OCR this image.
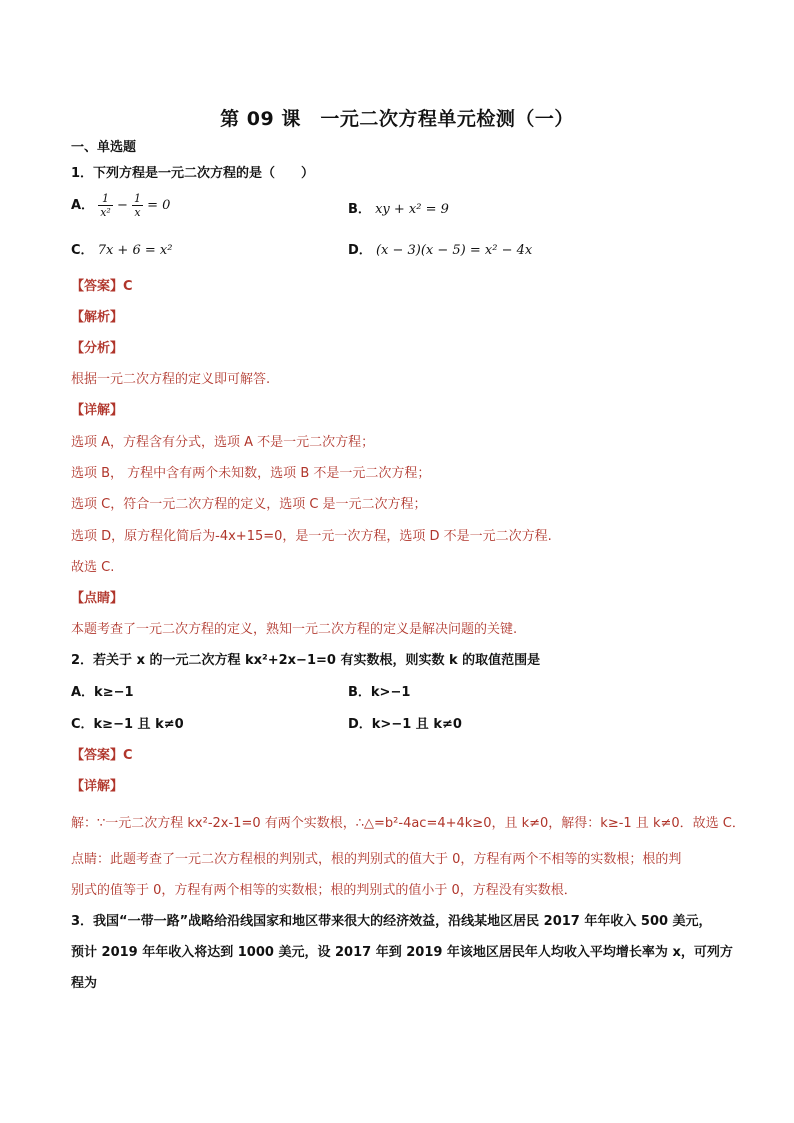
第 09 课　一元二次方程单元检测（一）
一、单选题
1．下列方程是一元二次方程的是（　　）
A． $\frac{1}{\text{x²}} - \frac{1}{x} = 0$	B． xy + x² = 9
C． 7x + 6 = x²	D． (x − 3)(x − 5) = x² − 4x
【答案】C
【解析】
【分析】
根据一元二次方程的定义即可解答.
【详解】
选项 A，方程含有分式，选项 A 不是一元二次方程；
选项 B， 方程中含有两个未知数，选项 B 不是一元二次方程；
选项 C，符合一元二次方程的定义，选项 C 是一元二次方程；
选项 D，原方程化简后为-4x+15=0，是一元一次方程，选项 D 不是一元二次方程.
故选 C.
【点睛】
本题考查了一元二次方程的定义，熟知一元二次方程的定义是解决问题的关键.
2．若关于 x 的一元二次方程 kx²+2x−1=0 有实数根，则实数 k 的取值范围是
A．k≥−1	B．k>−1
C．k≥−1 且 k≠0	D．k>−1 且 k≠0
【答案】C
【详解】
解：∵一元二次方程 kx²-2x-1=0 有两个实数根，∴△=b²-4ac=4+4k≥0，且 k≠0，解得：k≥-1 且 k≠0．故选 C．
点睛：此题考查了一元二次方程根的判别式，根的判别式的值大于 0，方程有两个不相等的实数根；根的判
别式的值等于 0，方程有两个相等的实数根；根的判别式的值小于 0，方程没有实数根．
3．我国“一带一路”战略给沿线国家和地区带来很大的经济效益，沿线某地区居民 2017 年年收入 500 美元，
预计 2019 年年收入将达到 1000 美元，设 2017 年到 2019 年该地区居民年人均收入平均增长率为 x，可列方
程为
